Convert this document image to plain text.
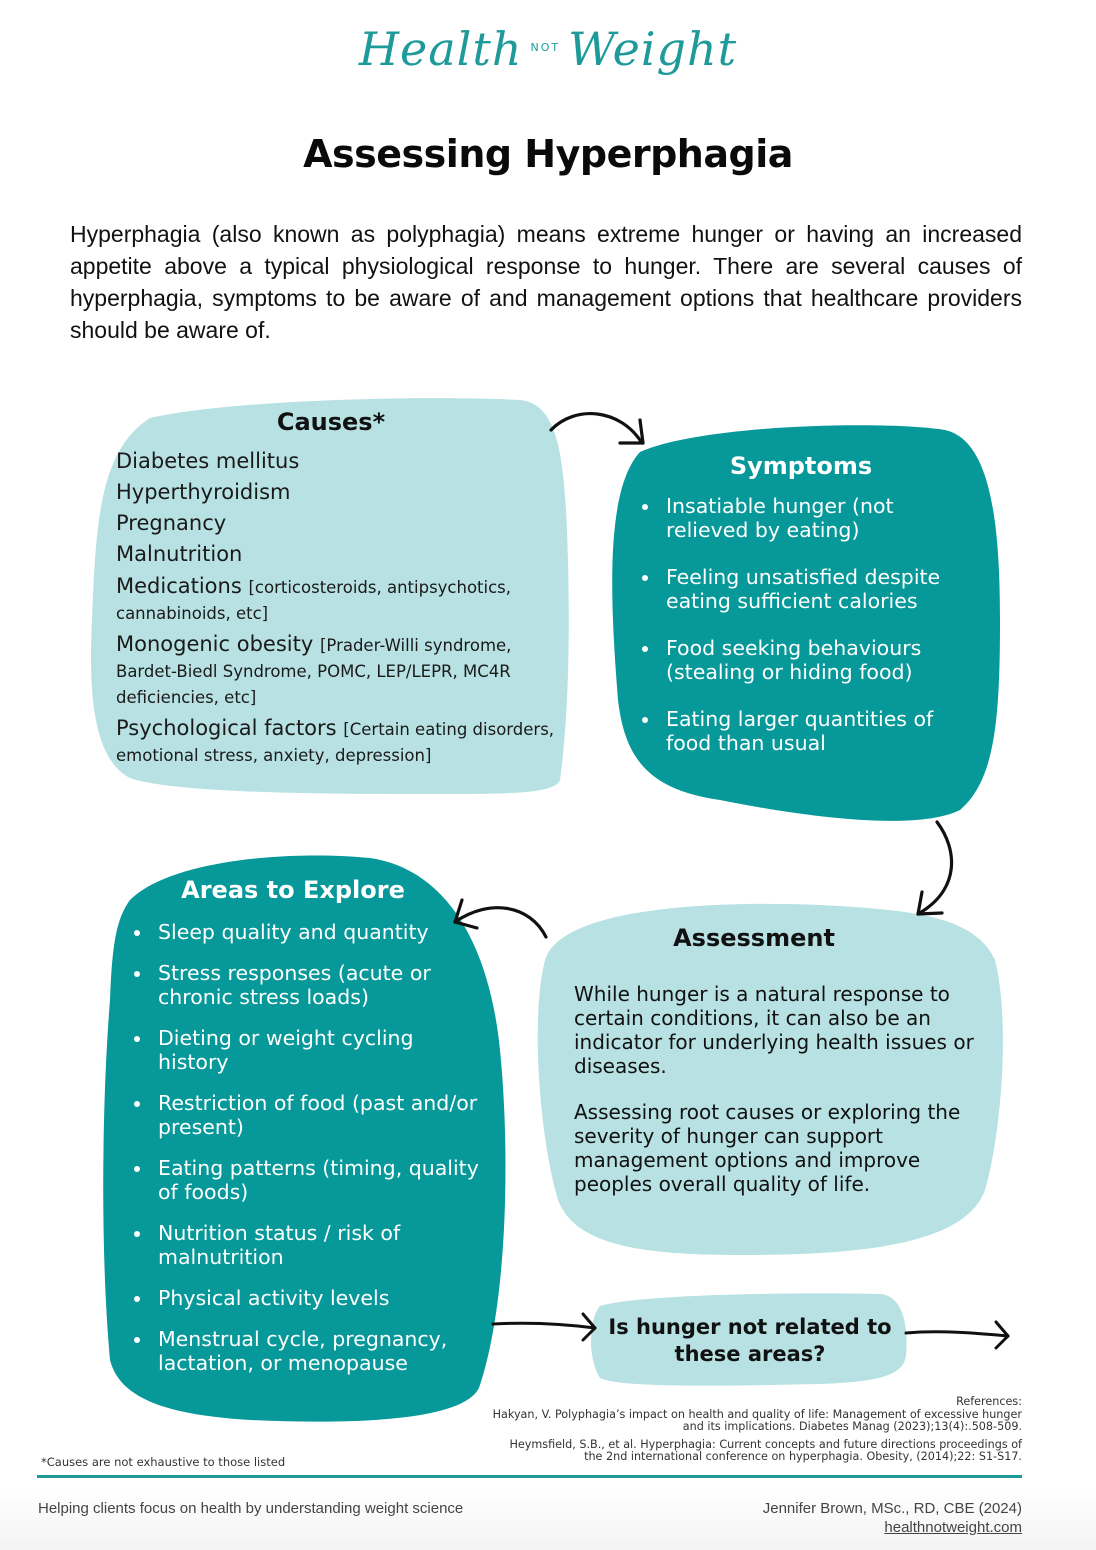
Health NOT Weight
Assessing Hyperphagia
Hyperphagia (also known as polyphagia) means extreme hunger or having an increased appetite above a typical physiological response to hunger. There are several causes of hyperphagia, symptoms to be aware of and management options that healthcare providers should be aware of.
Causes*
Diabetes mellitus
Hyperthyroidism
Pregnancy
Malnutrition
Medications [corticosteroids, antipsychotics, cannabinoids, etc]
Monogenic obesity [Prader-Willi syndrome, Bardet-Biedl Syndrome, POMC, LEP/LEPR, MC4R deficiencies, etc]
Psychological factors [Certain eating disorders, emotional stress, anxiety, depression]
Symptoms
Insatiable hunger (not relieved by eating)
Feeling unsatisfied despite eating sufficient calories
Food seeking behaviours (stealing or hiding food)
Eating larger quantities of food than usual
Areas to Explore
Sleep quality and quantity
Stress responses (acute or chronic stress loads)
Dieting or weight cycling history
Restriction of food (past and/or present)
Eating patterns (timing, quality of foods)
Nutrition status / risk of malnutrition
Physical activity levels
Menstrual cycle, pregnancy, lactation, or menopause
Assessment

While hunger is a natural response to certain conditions, it can also be an indicator for underlying health issues or diseases.

Assessing root causes or exploring the severity of hunger can support management options and improve peoples overall quality of life.

Is hunger not related to these areas?
References:
Hakyan, V. Polyphagia’s impact on health and quality of life: Management of excessive hunger and its implications. Diabetes Manag (2023);13(4):.508-509.
Heymsfield, S.B., et al. Hyperphagia: Current concepts and future directions proceedings of the 2nd international conference on hyperphagia. Obesity, (2014);22: S1-S17.
*Causes are not exhaustive to those listed
Helping clients focus on health by understanding weight science	Jennifer Brown, MSc., RD, CBE (2024)
healthnotweight.com
